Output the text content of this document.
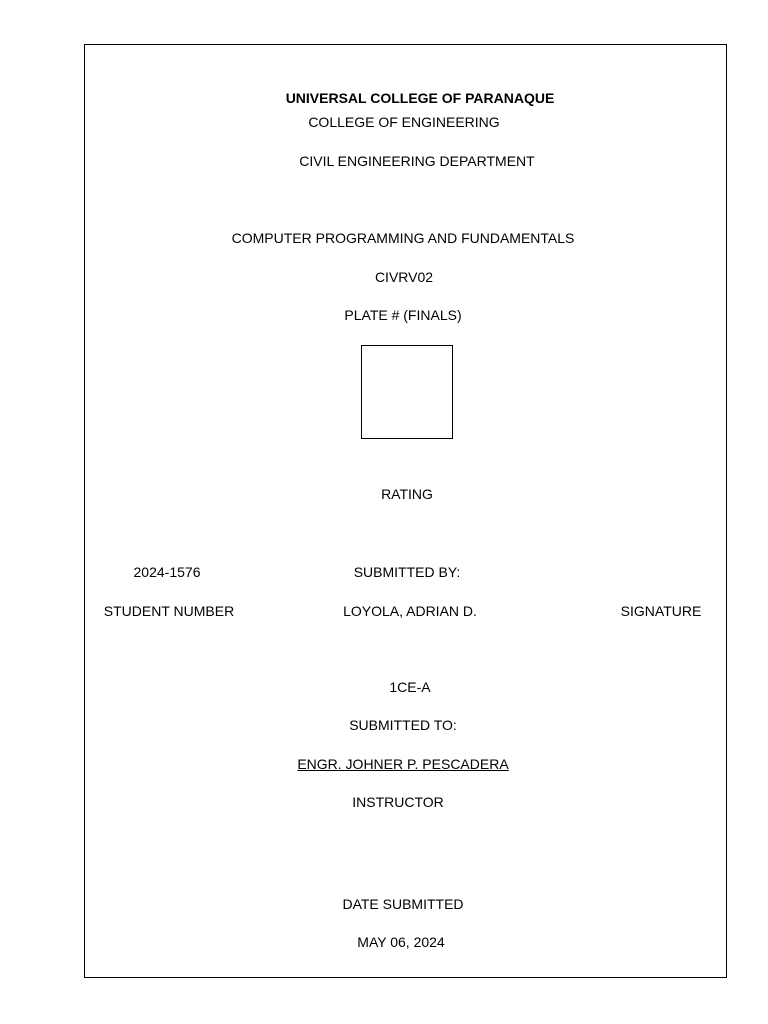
UNIVERSAL COLLEGE OF PARANAQUE
COLLEGE OF ENGINEERING
CIVIL ENGINEERING DEPARTMENT
COMPUTER PROGRAMMING AND FUNDAMENTALS
CIVRV02
PLATE # (FINALS)
RATING
2024-1576	SUBMITTED BY:
STUDENT NUMBER	LOYOLA, ADRIAN D.	SIGNATURE
1CE-A
SUBMITTED TO:
ENGR. JOHNER P. PESCADERA
INSTRUCTOR
DATE SUBMITTED
MAY 06, 2024
